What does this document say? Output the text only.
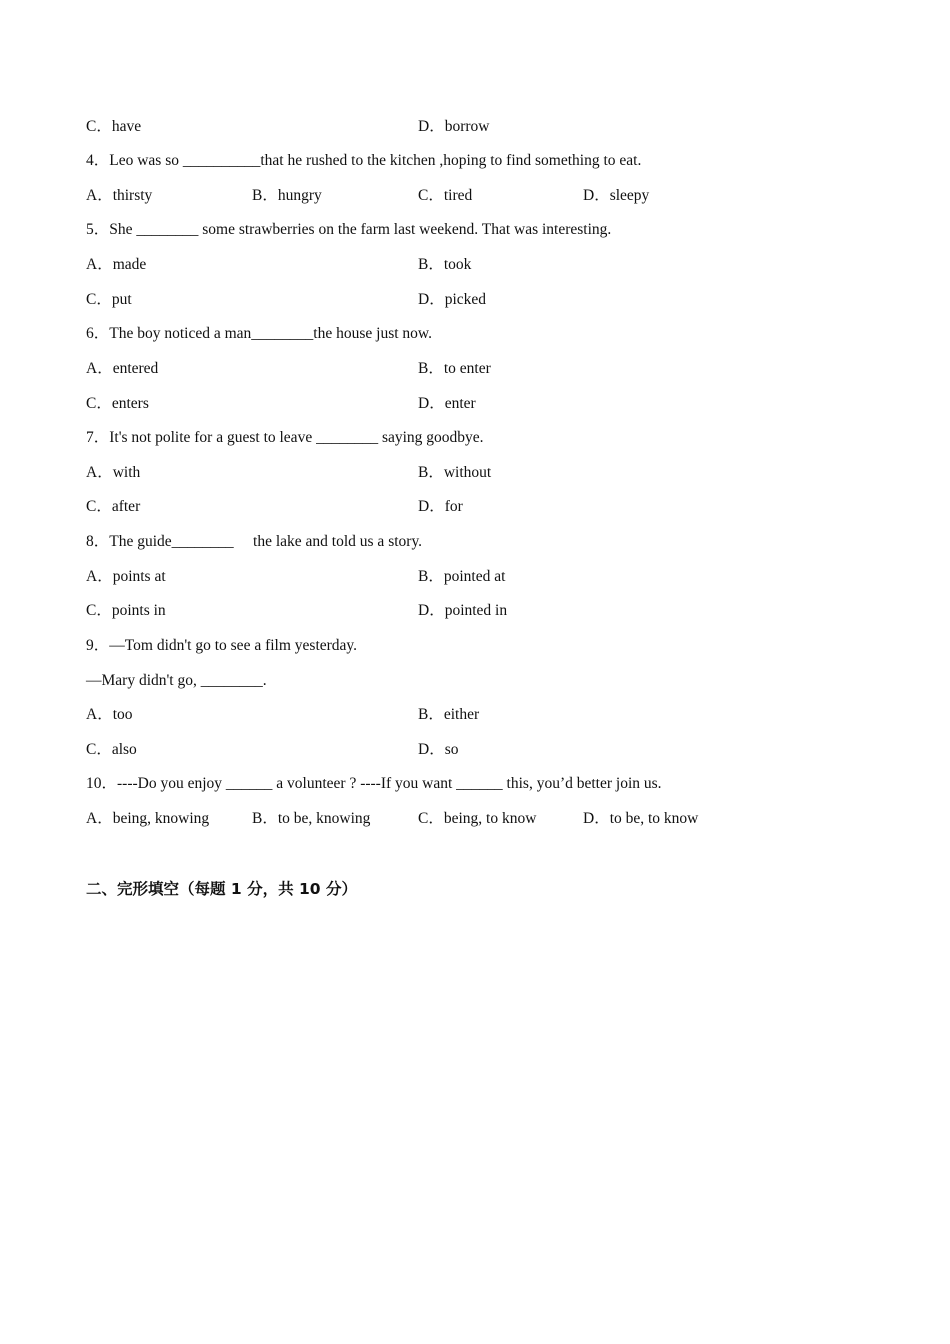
C．have	D．borrow
4．Leo was so __________that he rushed to the kitchen ,hoping to find something to eat.
A．thirsty	B．hungry	C．tired	D．sleepy
5．She ________ some strawberries on the farm last weekend. That was interesting.
A．made	B．took
C．put	D．picked
6．The boy noticed a man________the house just now.
A．entered	B．to enter
C．enters	D．enter
7．It's not polite for a guest to leave ________ saying goodbye.
A．with	B．without
C．after	D．for
8．The guide________     the lake and told us a story.
A．points at	B．pointed at
C．points in	D．pointed in
9．—Tom didn't go to see a film yesterday.
—Mary didn't go, ________.
A．too	B．either
C．also	D．so
10．----Do you enjoy ______ a volunteer ? ----If you want ______ this, you’d better join us.
A．being, knowing	B．to be, knowing	C．being, to know	D．to be, to know
二、完形填空（每题 1 分，共 10 分）
